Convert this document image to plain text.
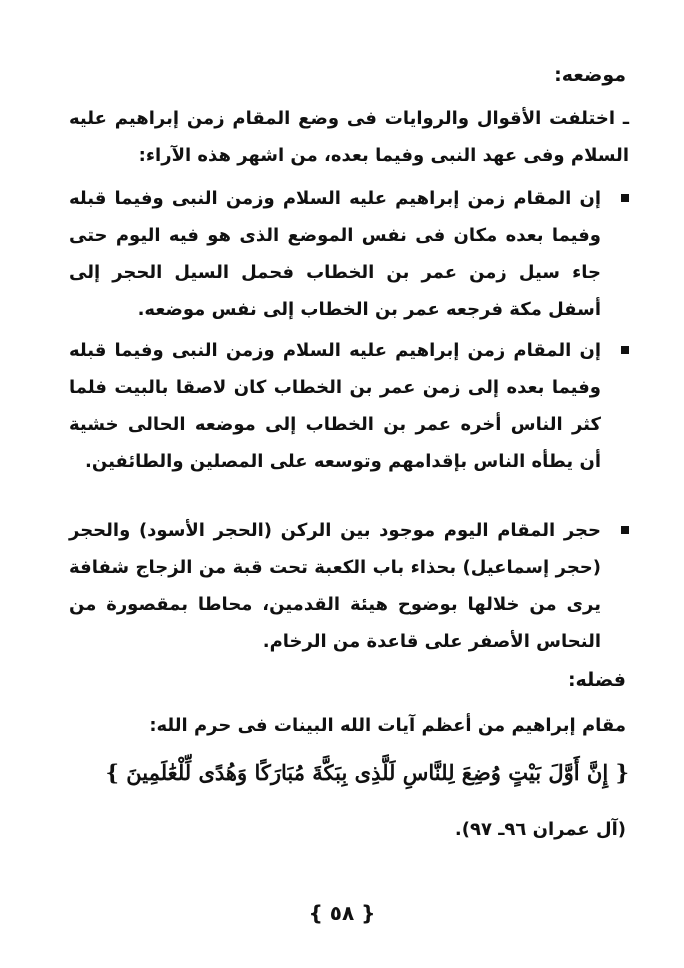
موضعه:
ـ اختلفت الأقوال والروايات فى وضع المقام زمن إبراهيم عليه السلام وفى عهد النبى وفيما بعده، من اشهر هذه الآراء:
إن المقام زمن إبراهيم عليه السلام وزمن النبى وفيما قبله وفيما بعده مكان فى نفس الموضع الذى هو فيه اليوم حتى جاء سيل زمن عمر بن الخطاب فحمل السيل الحجر إلى أسفل مكة فرجعه عمر بن الخطاب إلى نفس موضعه.
إن المقام زمن إبراهيم عليه السلام وزمن النبى وفيما قبله وفيما بعده إلى زمن عمر بن الخطاب كان لاصقا بالبيت فلما كثر الناس أخره عمر بن الخطاب إلى موضعه الحالى خشية أن يطأه الناس بإقدامهم وتوسعه على المصلين والطائفين.
حجر المقام اليوم موجود بين الركن (الحجر الأسود) والحجر (حجر إسماعيل) بحذاء باب الكعبة تحت قبة من الزجاج شفافة يرى من خلالها بوضوح هيئة القدمين، محاطا بمقصورة من النحاس الأصفر على قاعدة من الرخام.
فضله:
مقام إبراهيم من أعظم آيات الله البينات فى حرم الله:
{ إِنَّ أَوَّلَ بَيْتٍ وُضِعَ لِلنَّاسِ لَلَّذِى بِبَكَّةَ مُبَارَكًا وَهُدًى لِّلْعَٰلَمِينَ }
(آل عمران ٩٦ـ ٩٧).
{ ٥٨ }
